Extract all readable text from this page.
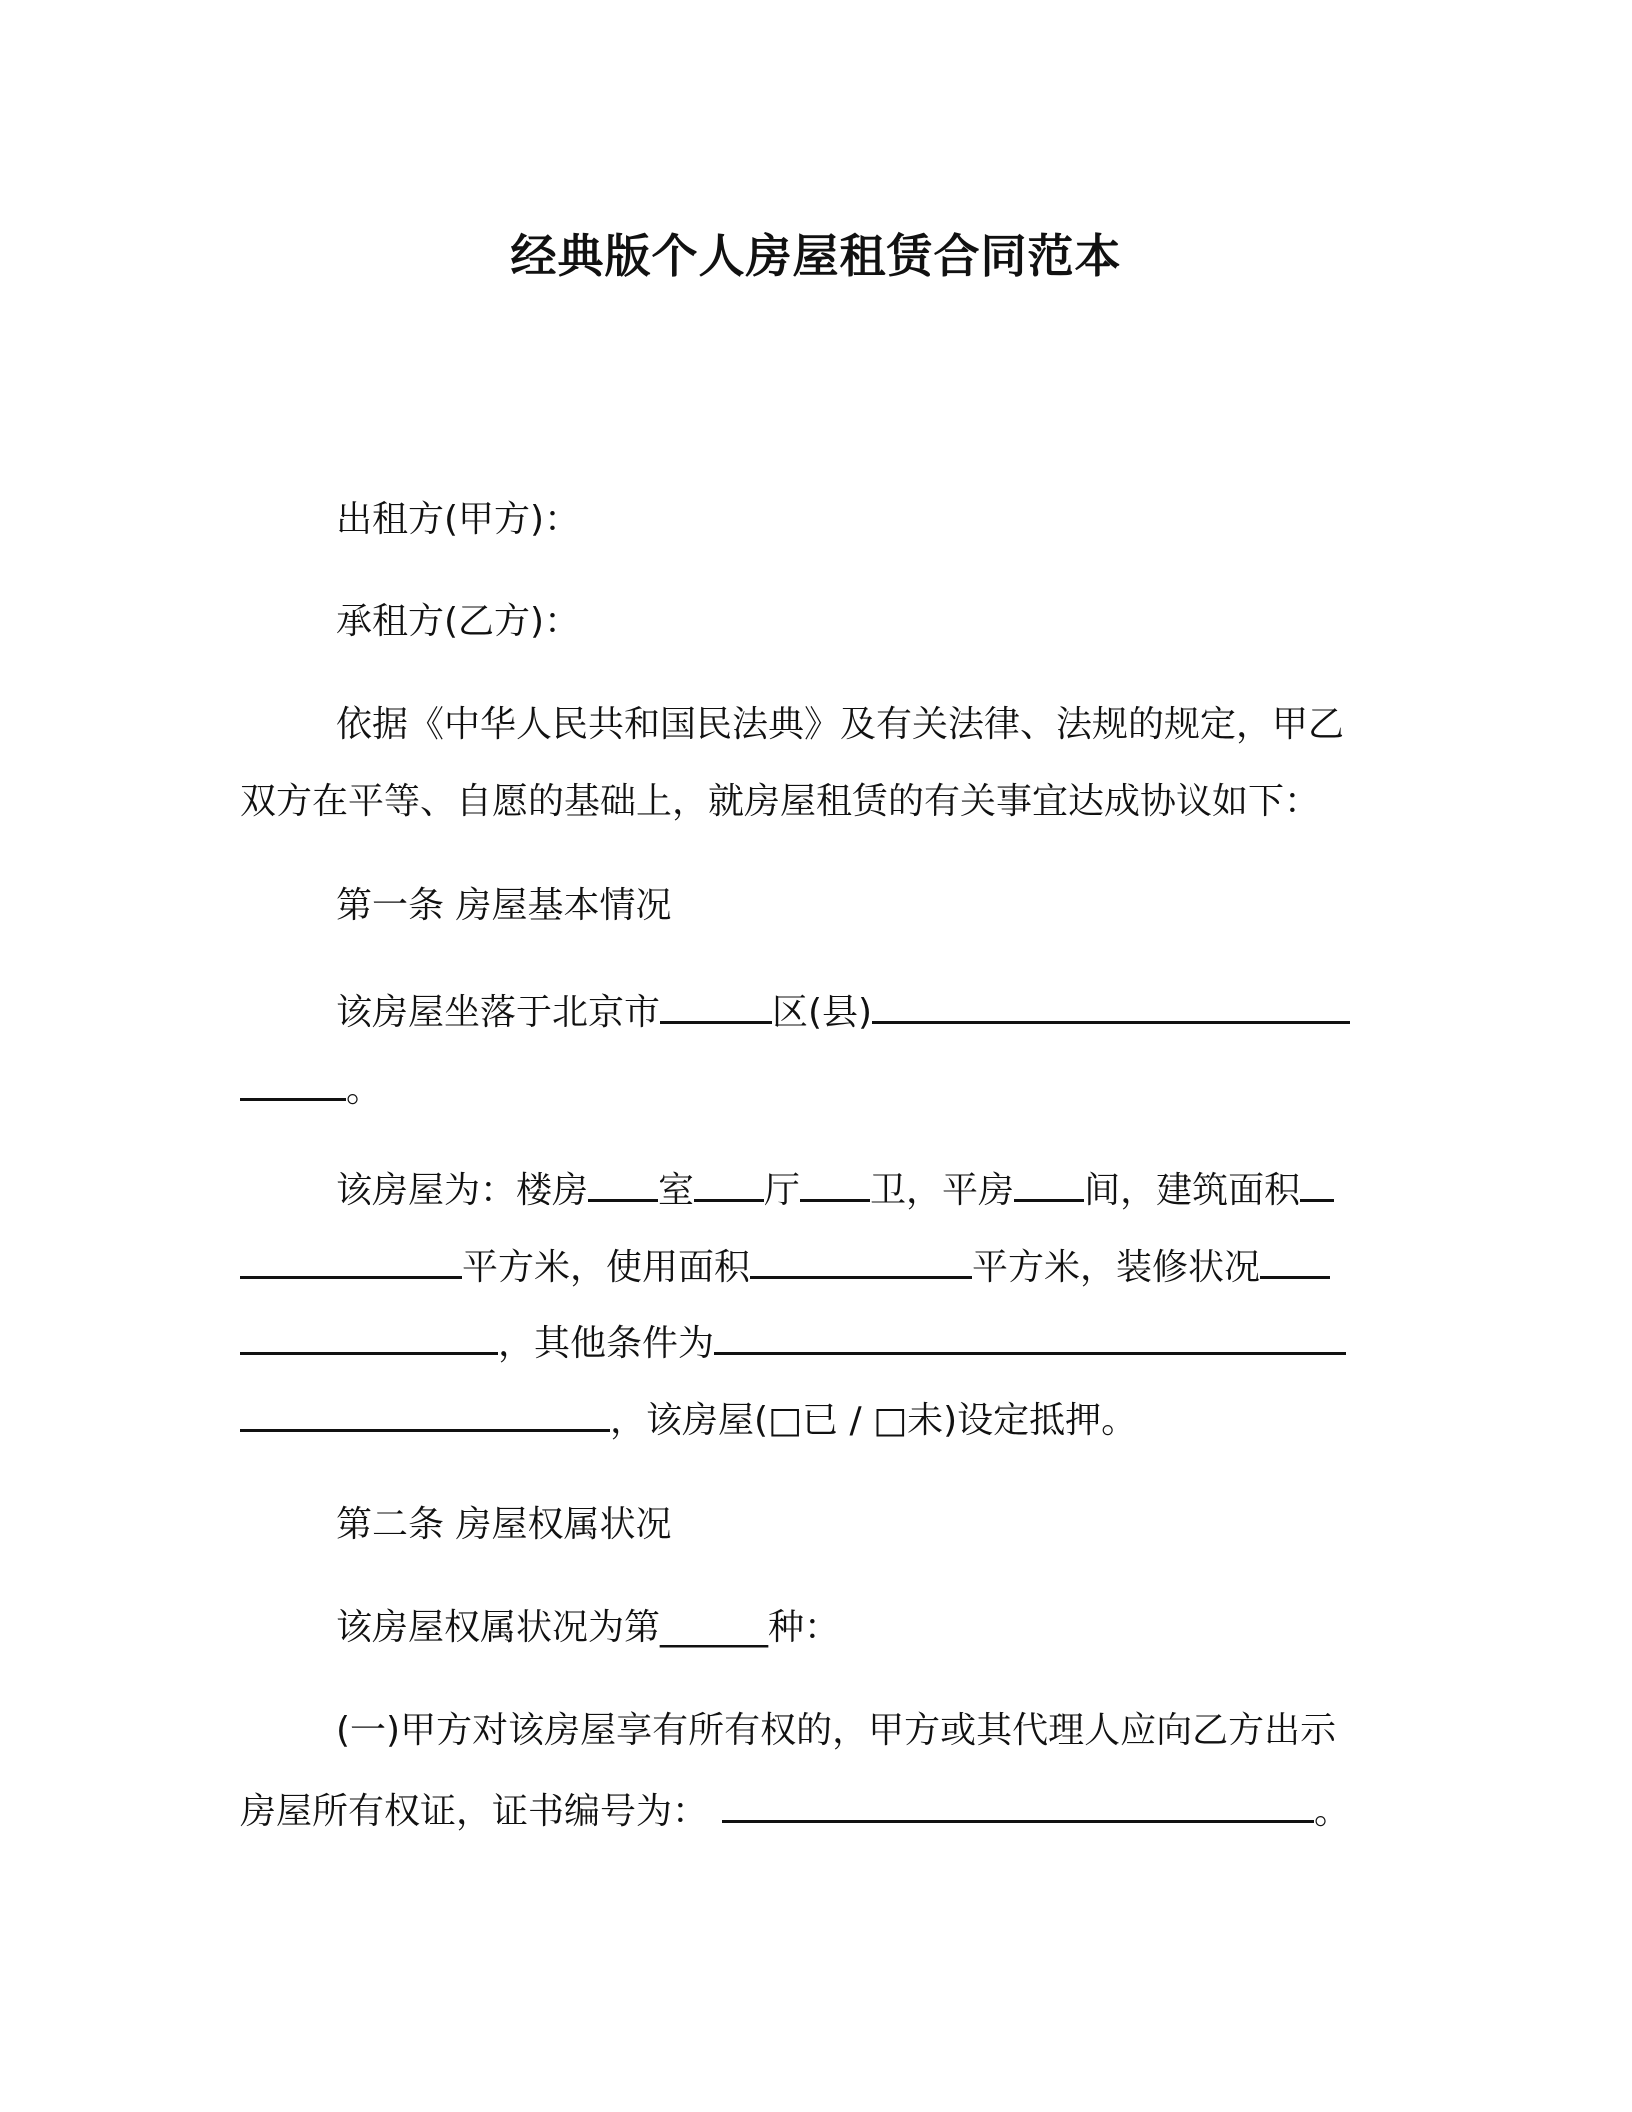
经典版个人房屋租赁合同范本
出租方(甲方)：
承租方(乙方)：
依据《中华人民共和国民法典》及有关法律、法规的规定，甲乙
双方在平等、自愿的基础上，就房屋租赁的有关事宜达成协议如下：
第一条 房屋基本情况
该房屋坐落于北京市	区(县)
。
该房屋为：楼房 室 厅 卫，平房 间，建筑面积
平方米，使用面积	平方米，装修状况
，其他条件为
，该房屋(□已 / □未)设定抵押。
第二条 房屋权属状况
该房屋权属状况为第______种：
(一)甲方对该房屋享有所有权的，甲方或其代理人应向乙方出示
房屋所有权证，证书编号为：	。
